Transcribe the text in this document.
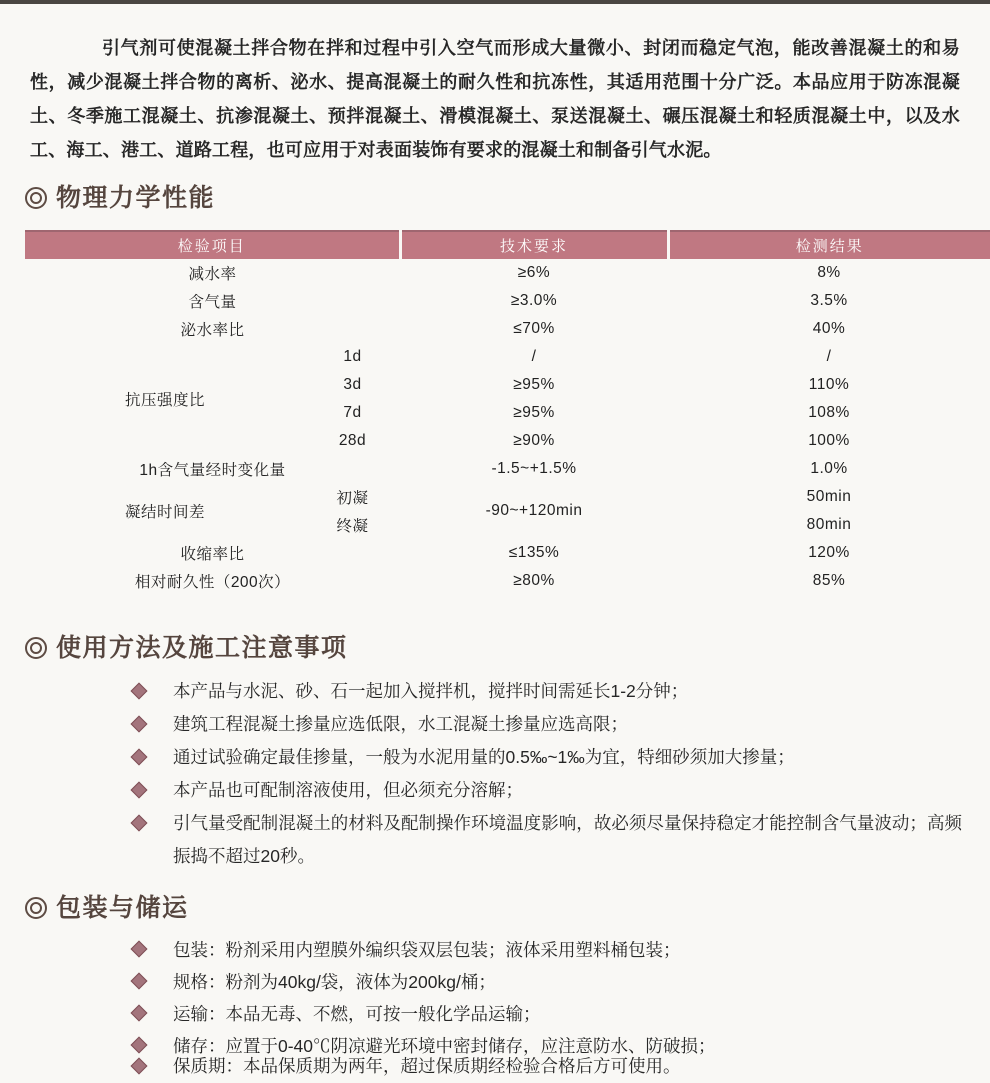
引气剂可使混凝土拌合物在拌和过程中引入空气而形成大量微小、封闭而稳定气泡，能改善混凝土的和易性，减少混凝土拌合物的离析、泌水、提高混凝土的耐久性和抗冻性，其适用范围十分广泛。本品应用于防冻混凝土、冬季施工混凝土、抗渗混凝土、预拌混凝土、滑模混凝土、泵送混凝土、碾压混凝土和轻质混凝土中，以及水工、海工、港工、道路工程，也可应用于对表面装饰有要求的混凝土和制备引气水泥。

物理力学性能
检验项目		技术要求	检测结果
减水率		≥6%	8%
含气量		≥3.0%	3.5%
泌水率比		≤70%	40%
抗压强度比	1d	/	/
	3d	≥95%	110%
	7d	≥95%	108%
	28d	≥90%	100%
1h含气量经时变化量		-1.5~+1.5%	1.0%
凝结时间差	初凝	-90~+120min	50min
	终凝		80min
收缩率比		≤135%	120%
相对耐久性（200次）		≥80%	85%
使用方法及施工注意事项
本产品与水泥、砂、石一起加入搅拌机，搅拌时间需延长1-2分钟；
建筑工程混凝土掺量应选低限，水工混凝土掺量应选高限；
通过试验确定最佳掺量，一般为水泥用量的0.5‰~1‰为宜，特细砂须加大掺量；
本产品也可配制溶液使用，但必须充分溶解；
引气量受配制混凝土的材料及配制操作环境温度影响，故必须尽量保持稳定才能控制含气量波动；高频振捣不超过20秒。
包装与储运
包装：粉剂采用内塑膜外编织袋双层包装；液体采用塑料桶包装；
规格：粉剂为40kg/袋，液体为200kg/桶；
运输：本品无毒、不燃，可按一般化学品运输；
储存：应置于0-40℃阴凉避光环境中密封储存，应注意防水、防破损；
保质期：本品保质期为两年，超过保质期经检验合格后方可使用。
